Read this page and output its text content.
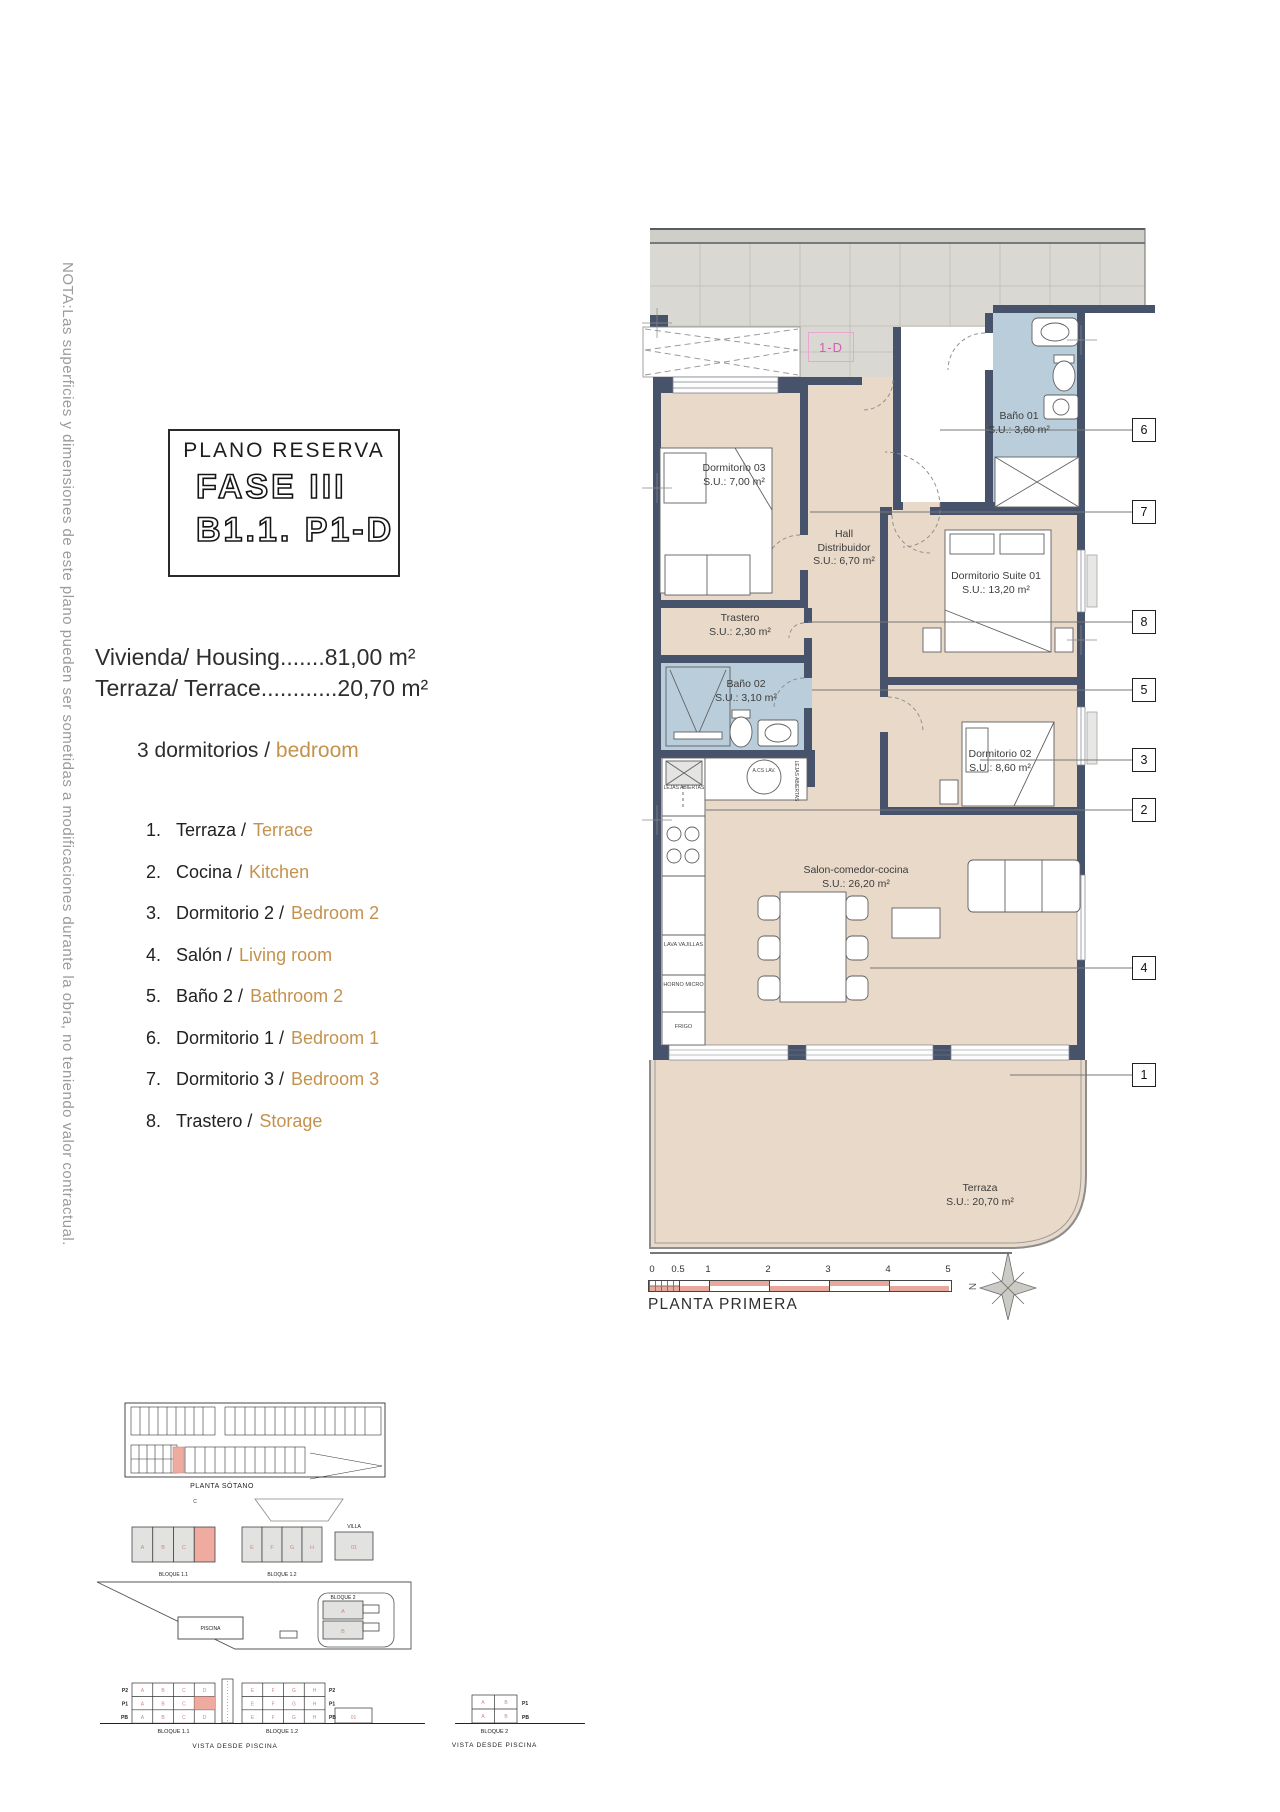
NOTA:Las superficies y dimensiones de este plano pueden ser sometidas a modificaciones durante la obra, no teniendo valor contractual.	PLANO RESERVA

FASE III
B1.1. P1-D
Vivienda/ Housing.......81,00 m²
Terraza/ Terrace............20,70 m²
3 dormitorios / bedroom
1. Terraza / Terrace
2. Cocina / Kitchen
3. Dormitorio 2 / Bedroom 2
4. Salón / Living room
5. Baño 2 / Bathroom 2
6. Dormitorio 1 / Bedroom 1
7. Dormitorio 3 / Bedroom 3
8. Trastero / Storage
1-D
Dormitorio 03
S.U.: 7,00 m²
Hall
Distribuidor
S.U.: 6,70 m²
Baño 01
S.U.: 3,60 m²
Dormitorio Suite 01
S.U.: 13,20 m²
Trastero
S.U.: 2,30 m²
Baño 02
S.U.: 3,10 m²
Dormitorio 02
S.U.: 8,60 m²
Salon-comedor-cocina
S.U.: 26,20 m²
Terraza
S.U.: 20,70 m²
LEJAS ABIERTAS
A.CS LAV.	LEJAS ABIERTAS
LAVA VAJILLAS
HORNO MICRO
FRIGO
6
7
8
5
3
2
4
1
0	0.5	1	2	3	4	5
PLANTA PRIMERA
N
PLANTA SÓTANO
C
A	B	C	E	F	G	H	01
A
B
BLOQUE 1.1	BLOQUE 1.2
VILLA
BLOQUE 2
PISCINA
A	B	C	D
A	B	C
A	B	C	D
E	F	G	H
E	F	G	H
E	F	G	H	01
A	B
A	B
P2
P1
PB
P2
P1
PB
P1
PB
BLOQUE 1.1	BLOQUE 1.2	BLOQUE 2
VISTA DESDE PISCINA	VISTA DESDE PISCINA
